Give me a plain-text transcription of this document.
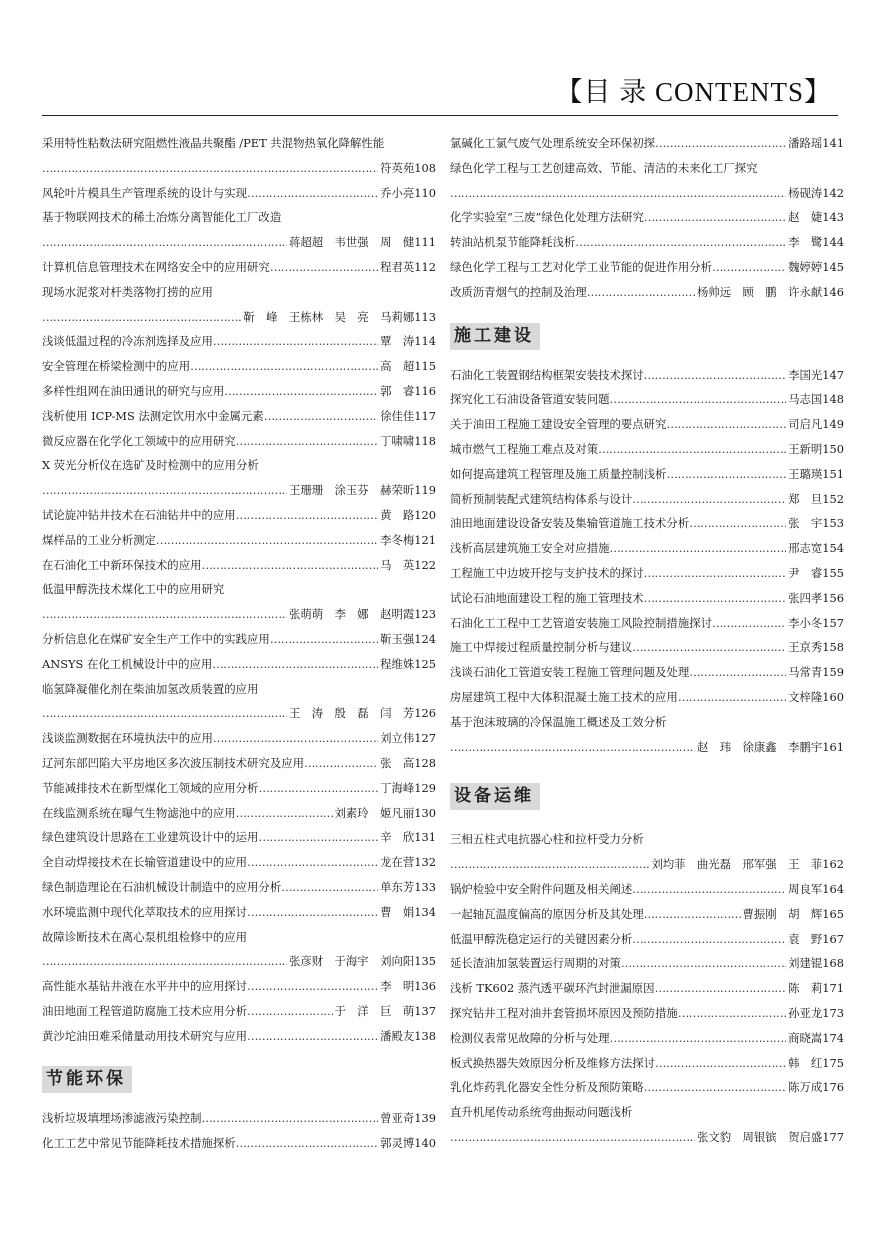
【目 录 CONTENTS】
采用特性粘数法研究阻燃性液晶共聚酯 /PET 共混物热氧化降解性能
……………………………………………………………………………………………………………………………………………………………………………………
符英苑 108
风轮叶片模具生产管理系统的设计与实现 ……………………………………………………………………………………………………………………………………………………………………………………	乔小亮 110
基于物联网技术的稀土冶炼分离智能化工厂改造
……………………………………………………………………………………………………………………………………………………………………………………
蒋超超　韦世强　周　健 111
计算机信息管理技术在网络安全中的应用研究 ……………………………………………………………………………………………………………………………………………………………………………………	程君英 112
现场水泥浆对杆类落物打捞的应用
……………………………………………………………………………………………………………………………………………………………………………………
靳　峰　王栋林　吴　亮　马莉娜 113
浅谈低温过程的冷冻剂选择及应用 ……………………………………………………………………………………………………………………………………………………………………………………	覃　涛 114
安全管理在桥梁检测中的应用 ……………………………………………………………………………………………………………………………………………………………………………………	高　超 115
多样性组网在油田通讯的研究与应用 ……………………………………………………………………………………………………………………………………………………………………………………	郭　睿 116
浅析使用 ICP-MS 法测定饮用水中金属元素 ……………………………………………………………………………………………………………………………………………………………………………………	徐佳佳 117
微反应器在化学化工领域中的应用研究 ……………………………………………………………………………………………………………………………………………………………………………………	丁啸啸 118
X 荧光分析仪在选矿及时检测中的应用分析
……………………………………………………………………………………………………………………………………………………………………………………
王珊珊　涂玉芬　赫荣昕 119
试论旋冲钻井技术在石油钻井中的应用 ……………………………………………………………………………………………………………………………………………………………………………………	黄　路 120
煤样品的工业分析测定 ……………………………………………………………………………………………………………………………………………………………………………………	李冬梅 121
在石油化工中新环保技术的应用 ……………………………………………………………………………………………………………………………………………………………………………………	马　英 122
低温甲醇洗技术煤化工中的应用研究
……………………………………………………………………………………………………………………………………………………………………………………
张萌萌　李　娜　赵明霞 123
分析信息化在煤矿安全生产工作中的实践应用 ……………………………………………………………………………………………………………………………………………………………………………………	靳玉强 124
ANSYS 在化工机械设计中的应用 ……………………………………………………………………………………………………………………………………………………………………………………	程维姝 125
临氢降凝催化剂在柴油加氢改质装置的应用
……………………………………………………………………………………………………………………………………………………………………………………
王　涛　殷　磊　闫　芳 126
浅谈监测数据在环境执法中的应用 ……………………………………………………………………………………………………………………………………………………………………………………	刘立伟 127
辽河东部凹陷大平房地区多次波压制技术研究及应用 ……………………………………………………………………………………………………………………………………………………………………………………	张　高 128
节能减排技术在新型煤化工领域的应用分析 ……………………………………………………………………………………………………………………………………………………………………………………	丁海峰 129
在线监测系统在曝气生物滤池中的应用 ……………………………………………………………………………………………………………………………………………………………………………………	刘素玲　姬凡丽 130
绿色建筑设计思路在工业建筑设计中的运用 ……………………………………………………………………………………………………………………………………………………………………………………	辛　欣 131
全自动焊接技术在长输管道建设中的应用 ……………………………………………………………………………………………………………………………………………………………………………………	龙在营 132
绿色制造理论在石油机械设计制造中的应用分析 ……………………………………………………………………………………………………………………………………………………………………………………	单东芳 133
水环境监测中现代化萃取技术的应用探讨 ……………………………………………………………………………………………………………………………………………………………………………………	曹　娟 134
故障诊断技术在离心泵机组检修中的应用
……………………………………………………………………………………………………………………………………………………………………………………
张彦财　于海宇　刘向阳 135
高性能水基钻井液在水平井中的应用探讨 ……………………………………………………………………………………………………………………………………………………………………………………	李　明 136
油田地面工程管道防腐施工技术应用分析 ……………………………………………………………………………………………………………………………………………………………………………………	于　洋　巨　萌 137
黄沙坨油田难采储量动用技术研究与应用 ……………………………………………………………………………………………………………………………………………………………………………………	潘殿友 138
节能环保
浅析垃圾填埋场渗滤液污染控制 ……………………………………………………………………………………………………………………………………………………………………………………	曾亚奇 139
化工工艺中常见节能降耗技术措施探析 ……………………………………………………………………………………………………………………………………………………………………………………	郭灵博 140
氯碱化工氯气废气处理系统安全环保初探 ……………………………………………………………………………………………………………………………………………………………………………………	潘路瑶 141
绿色化学工程与工艺创建高效、节能、清洁的未来化工厂探究
……………………………………………………………………………………………………………………………………………………………………………………
杨砚涛 142
化学实验室“三废”绿色化处理方法研究 ……………………………………………………………………………………………………………………………………………………………………………………	赵　婕 143
转油站机泵节能降耗浅析 ……………………………………………………………………………………………………………………………………………………………………………………	李　鹭 144
绿色化学工程与工艺对化学工业节能的促进作用分析 ……………………………………………………………………………………………………………………………………………………………………………………	魏婷婷 145
改质沥青烟气的控制及治理 ……………………………………………………………………………………………………………………………………………………………………………………	杨帅远　顾　鹏　许永献 146
施工建设
石油化工装置钢结构框架安装技术探讨 ……………………………………………………………………………………………………………………………………………………………………………………	李国光 147
探究化工石油设备管道安装问题 ……………………………………………………………………………………………………………………………………………………………………………………	马志国 148
关于油田工程施工建设安全管理的要点研究 ……………………………………………………………………………………………………………………………………………………………………………………	司启凡 149
城市燃气工程施工难点及对策 ……………………………………………………………………………………………………………………………………………………………………………………	王新明 150
如何提高建筑工程管理及施工质量控制浅析 ……………………………………………………………………………………………………………………………………………………………………………………	王璐瑛 151
简析预制装配式建筑结构体系与设计 ……………………………………………………………………………………………………………………………………………………………………………………	郑　旦 152
油田地面建设设备安装及集输管道施工技术分析 ……………………………………………………………………………………………………………………………………………………………………………………	张　宇 153
浅析高层建筑施工安全对应措施 ……………………………………………………………………………………………………………………………………………………………………………………	邢志宽 154
工程施工中边坡开挖与支护技术的探讨 ……………………………………………………………………………………………………………………………………………………………………………………	尹　睿 155
试论石油地面建设工程的施工管理技术 ……………………………………………………………………………………………………………………………………………………………………………………	张四孝 156
石油化工工程中工艺管道安装施工风险控制措施探讨 ……………………………………………………………………………………………………………………………………………………………………………………	李小冬 157
施工中焊接过程质量控制分析与建议 ……………………………………………………………………………………………………………………………………………………………………………………	王京秀 158
浅谈石油化工管道安装工程施工管理问题及处理 ……………………………………………………………………………………………………………………………………………………………………………………	马常青 159
房屋建筑工程中大体积混凝土施工技术的应用 ……………………………………………………………………………………………………………………………………………………………………………………	文梓隆 160
基于泡沫玻璃的冷保温施工概述及工效分析
……………………………………………………………………………………………………………………………………………………………………………………
赵　玮　徐康鑫　李鹏宇 161
设备运维
三相五柱式电抗器心柱和拉杆受力分析
……………………………………………………………………………………………………………………………………………………………………………………
刘均菲　曲光磊　邢军强　王　菲 162
锅炉检验中安全附件问题及相关阐述 ……………………………………………………………………………………………………………………………………………………………………………………	周良军 164
一起轴瓦温度偏高的原因分析及其处理 ……………………………………………………………………………………………………………………………………………………………………………………	曹振刚　胡　辉 165
低温甲醇洗稳定运行的关键因素分析 ……………………………………………………………………………………………………………………………………………………………………………………	袁　野 167
延长渣油加氢装置运行周期的对策 ……………………………………………………………………………………………………………………………………………………………………………………	刘建锟 168
浅析 TK602 蒸汽透平碳环汽封泄漏原因 ……………………………………………………………………………………………………………………………………………………………………………………	陈　莉 171
探究钻井工程对油井套管损坏原因及预防措施 ……………………………………………………………………………………………………………………………………………………………………………………	孙亚龙 173
检测仪表常见故障的分析与处理 ……………………………………………………………………………………………………………………………………………………………………………………	商晓嵩 174
板式换热器失效原因分析及维修方法探讨 ……………………………………………………………………………………………………………………………………………………………………………………	韩　红 175
乳化炸药乳化器安全性分析及预防策略 ……………………………………………………………………………………………………………………………………………………………………………………	陈万成 176
直升机尾传动系统弯曲振动问题浅析
……………………………………………………………………………………………………………………………………………………………………………………
张文豹　周银镔　贺启盛 177
